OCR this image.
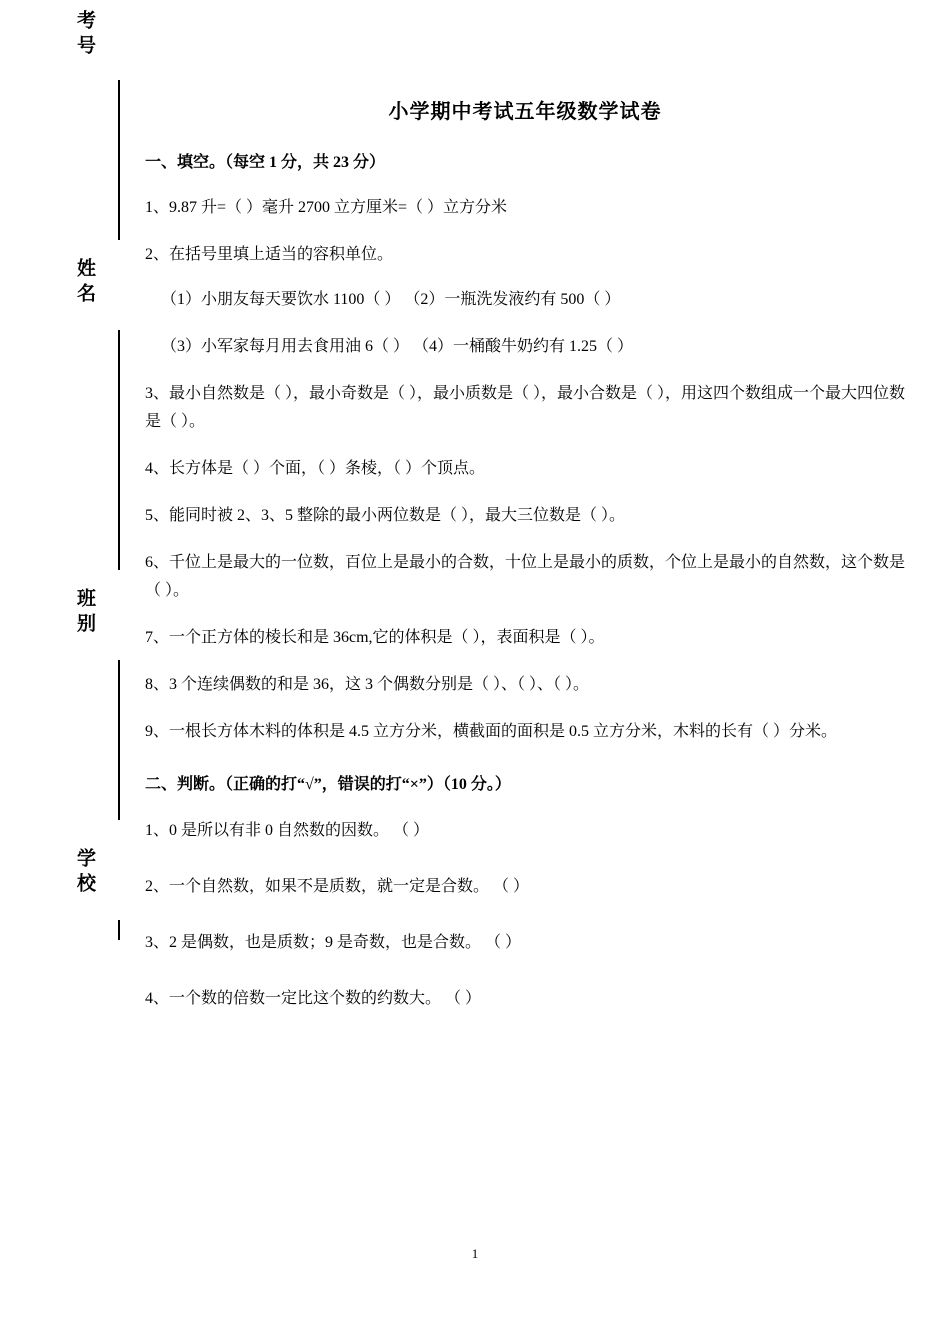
考号
姓名
班别
学校
小学期中考试五年级数学试卷
一、填空。（每空 1 分，共 23 分）

1、9.87 升=（ ）毫升 2700 立方厘米=（ ）立方分米

2、在括号里填上适当的容积单位。

（1）小朋友每天要饮水 1100（ ） （2）一瓶洗发液约有 500（ ）

（3）小军家每月用去食用油 6（ ） （4）一桶酸牛奶约有 1.25（ ）

3、最小自然数是（ ），最小奇数是（ ），最小质数是（ ），最小合数是（ ），用这四个数组成一个最大四位数是（ ）。

4、长方体是（ ）个面，（ ）条棱，（ ）个顶点。

5、能同时被 2、3、5 整除的最小两位数是（ ），最大三位数是（ ）。

6、千位上是最大的一位数，百位上是最小的合数，十位上是最小的质数，个位上是最小的自然数，这个数是（ ）。

7、一个正方体的棱长和是 36cm,它的体积是（ ），表面积是（ ）。

8、3 个连续偶数的和是 36，这 3 个偶数分别是（ ）、（ ）、（ ）。

9、一根长方体木料的体积是 4.5 立方分米，横截面的面积是 0.5 立方分米，木料的长有（ ）分米。

二、判断。（正确的打“√”，错误的打“×”）（10 分。）

1、0 是所以有非 0 自然数的因数。 （ ）

2、一个自然数，如果不是质数，就一定是合数。 （ ）

3、2 是偶数，也是质数；9 是奇数，也是合数。 （ ）

4、一个数的倍数一定比这个数的约数大。 （ ）

1
